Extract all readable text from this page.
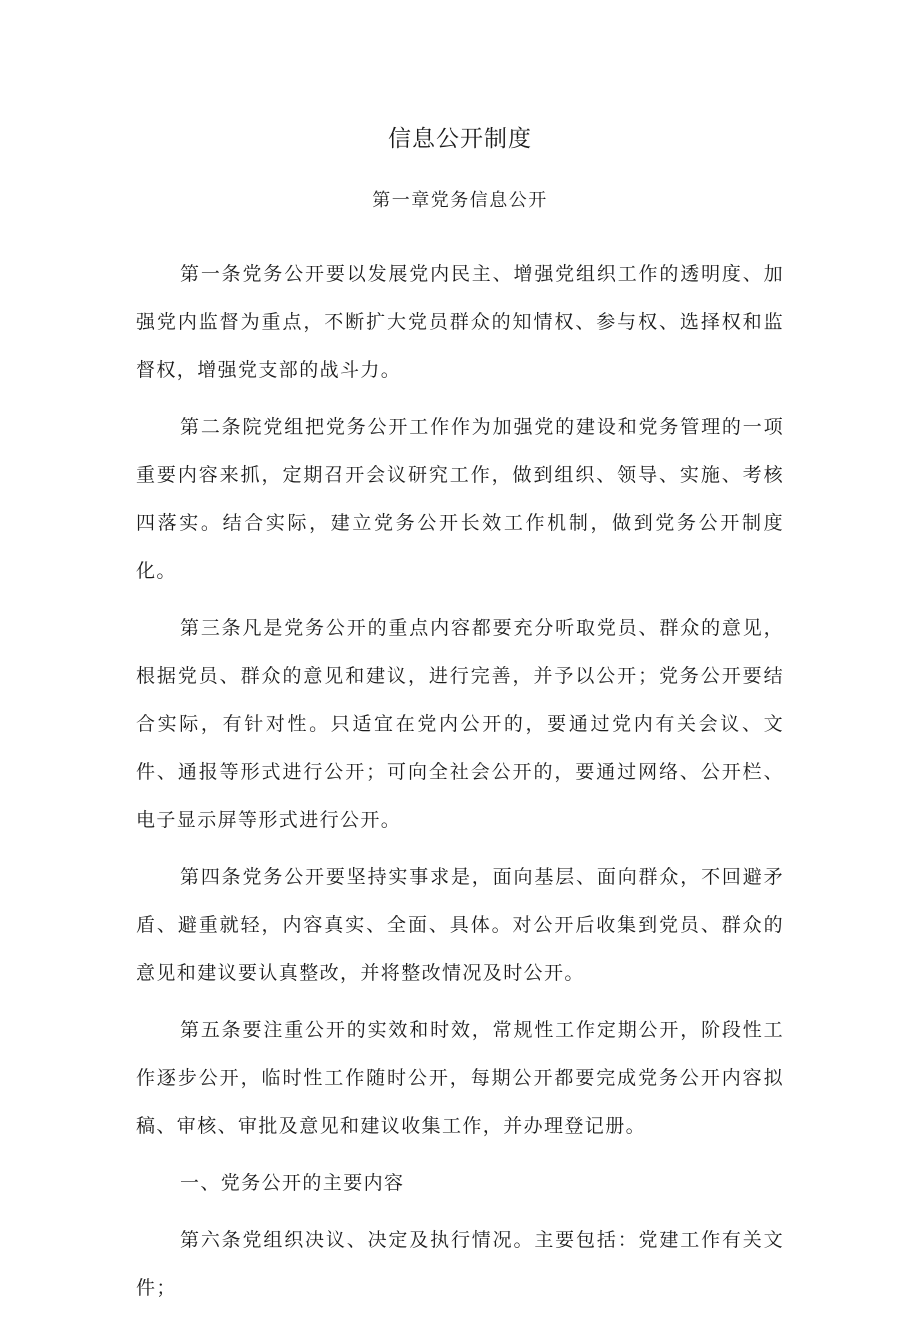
信息公开制度
第一章党务信息公开

第一条党务公开要以发展党内民主、增强党组织工作的透明度、加强党内监督为重点，不断扩大党员群众的知情权、参与权、选择权和监督权，增强党支部的战斗力。

第二条院党组把党务公开工作作为加强党的建设和党务管理的一项重要内容来抓，定期召开会议研究工作，做到组织、领导、实施、考核四落实。结合实际，建立党务公开长效工作机制，做到党务公开制度化。

第三条凡是党务公开的重点内容都要充分听取党员、群众的意见，根据党员、群众的意见和建议，进行完善，并予以公开；党务公开要结合实际，有针对性。只适宜在党内公开的，要通过党内有关会议、文件、通报等形式进行公开；可向全社会公开的，要通过网络、公开栏、电子显示屏等形式进行公开。

第四条党务公开要坚持实事求是，面向基层、面向群众，不回避矛盾、避重就轻，内容真实、全面、具体。对公开后收集到党员、群众的意见和建议要认真整改，并将整改情况及时公开。

第五条要注重公开的实效和时效，常规性工作定期公开，阶段性工作逐步公开，临时性工作随时公开，每期公开都要完成党务公开内容拟稿、审核、审批及意见和建议收集工作，并办理登记册。

一、党务公开的主要内容

第六条党组织决议、决定及执行情况。主要包括：党建工作有关文件；
